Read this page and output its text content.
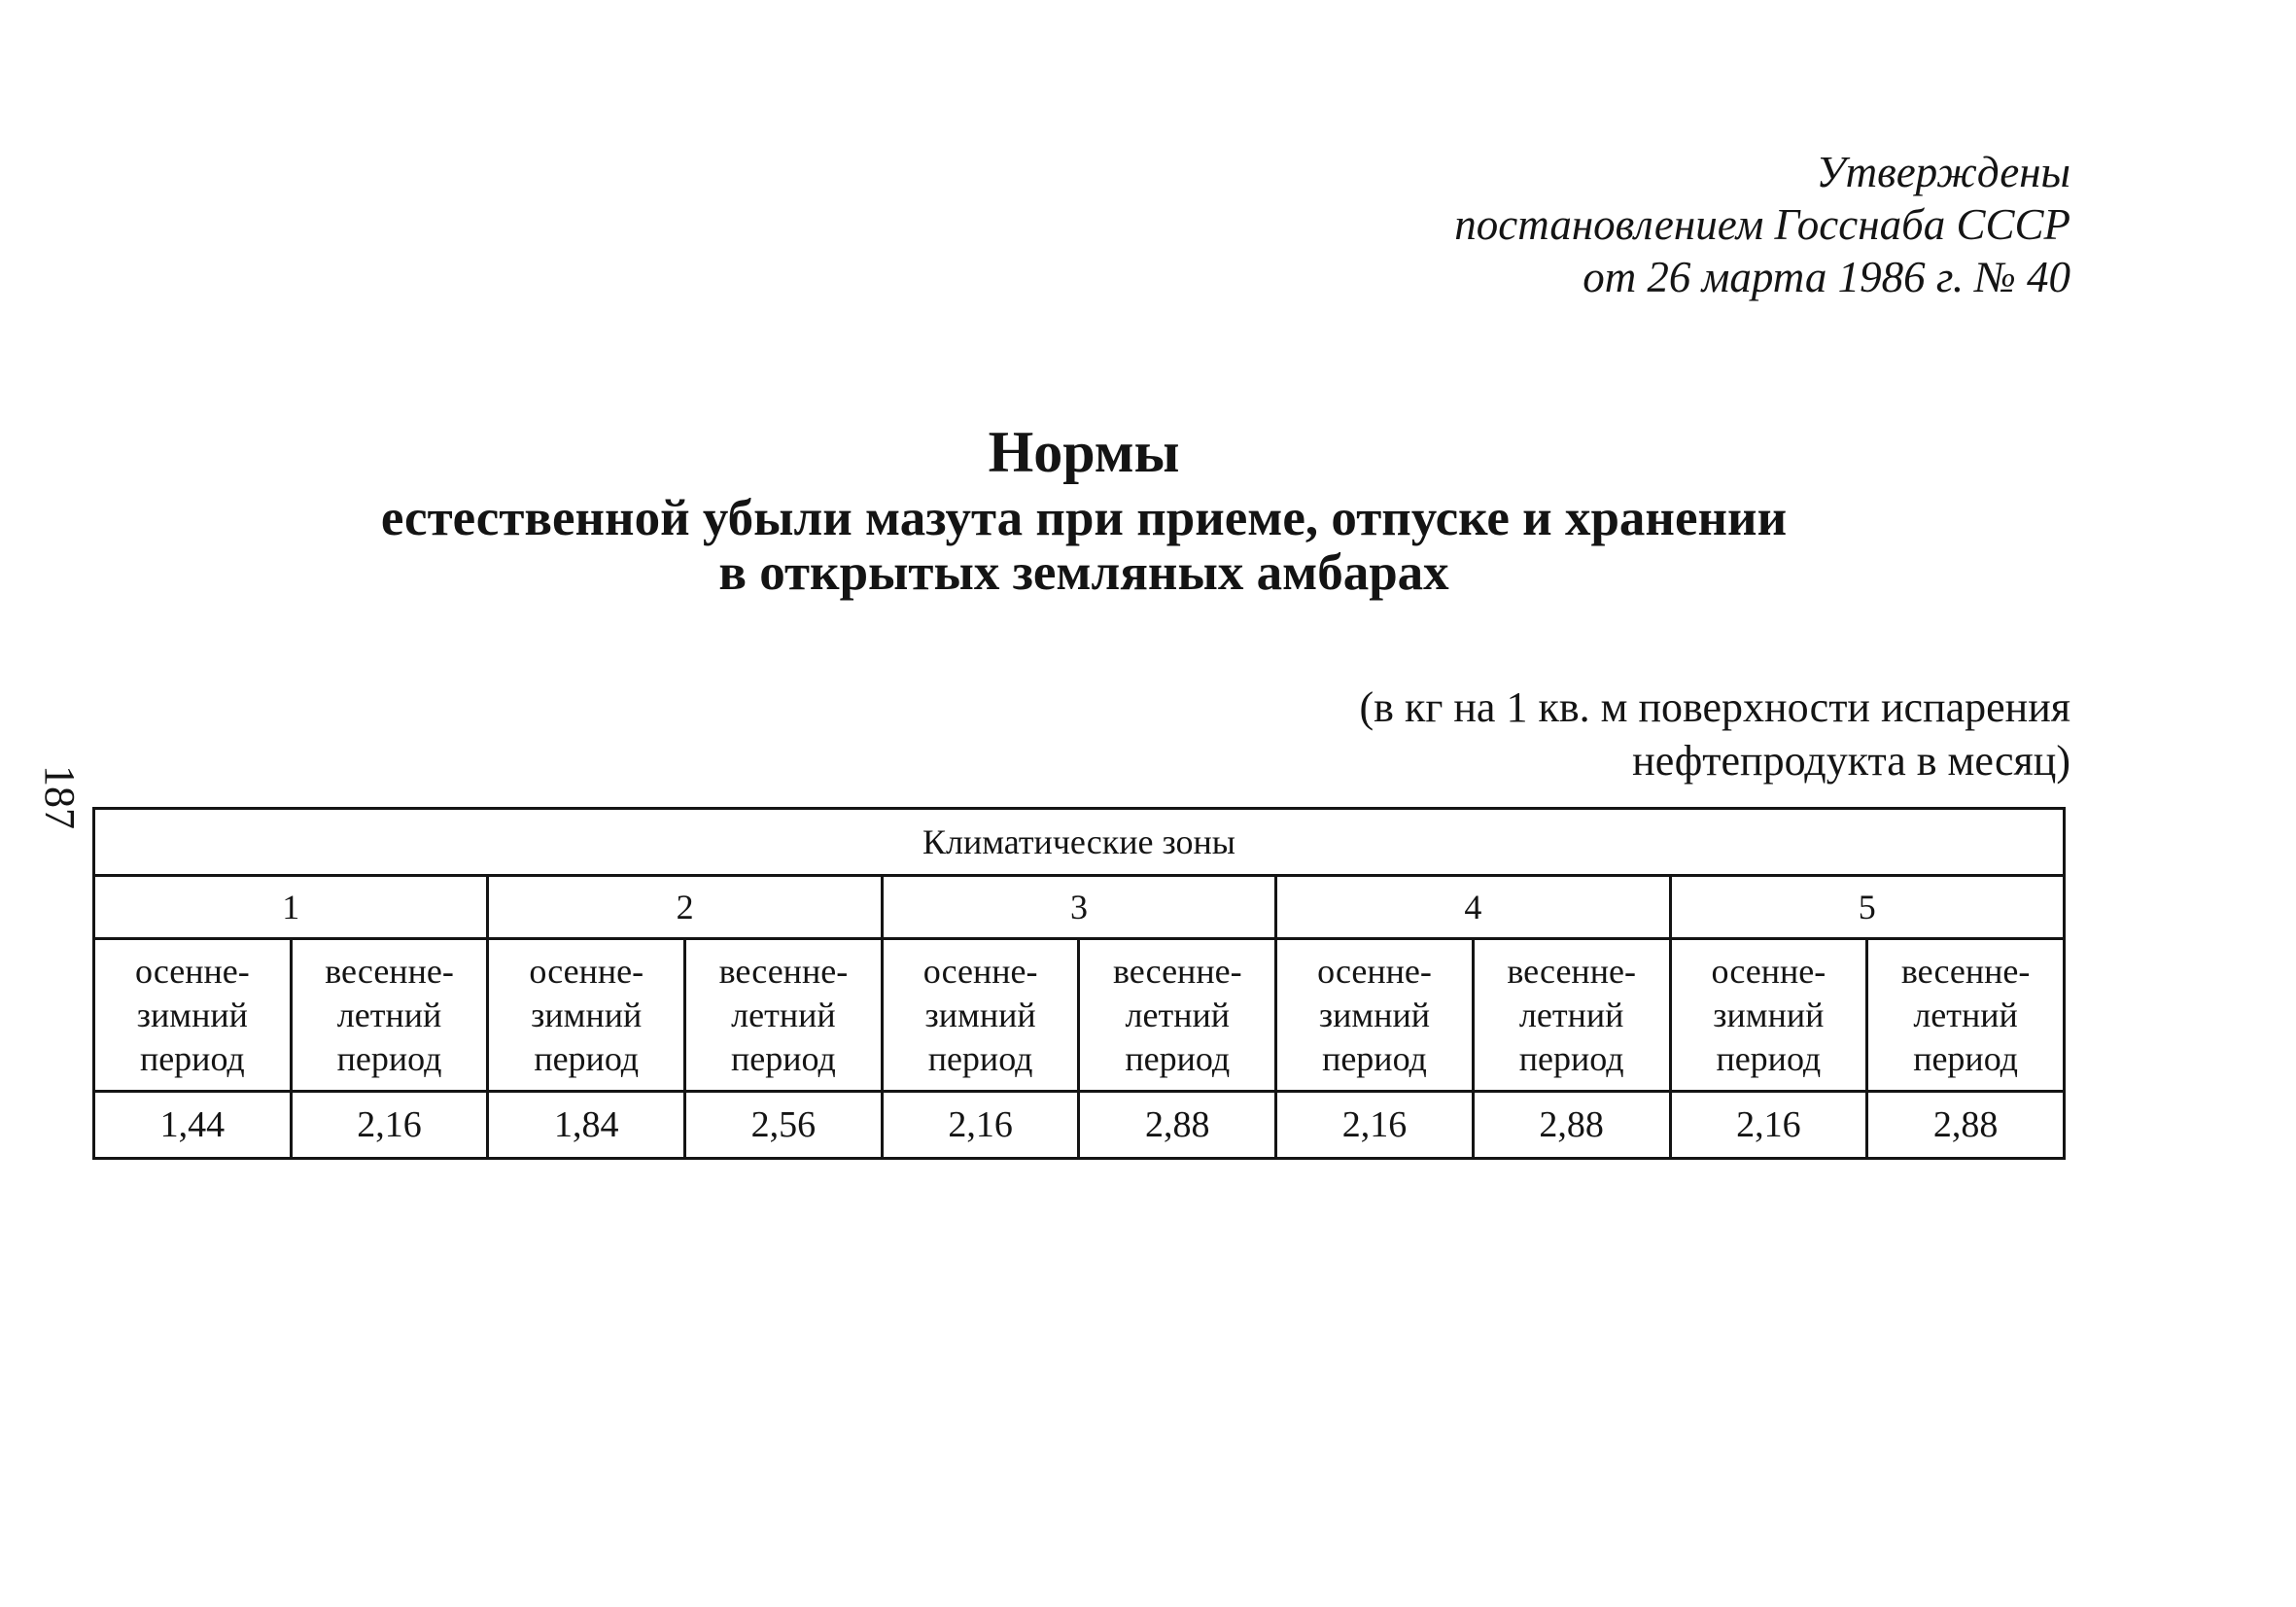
Утверждены
постановлением Госснаба СССР
от 26 марта 1986 г. № 40
187
Нормы
естественной убыли мазута при приеме, отпуске и хранении
в открытых земляных амбарах
(в кг на 1 кв. м поверхности испарения
нефтепродукта в месяц)
Климатические зоны									
1		2		3		4		5	

осенне-
зимний
период	весенне-
летний
период	осенне-
зимний
период	весенне-
летний
период	осенне-
зимний
период	весенне-
летний
период	осенне-
зимний
период	весенне-
летний
период	осенне-
зимний
период	весенне-
летний
период

1,44	2,16	1,84	2,56	2,16	2,88	2,16	2,88	2,16	2,88
